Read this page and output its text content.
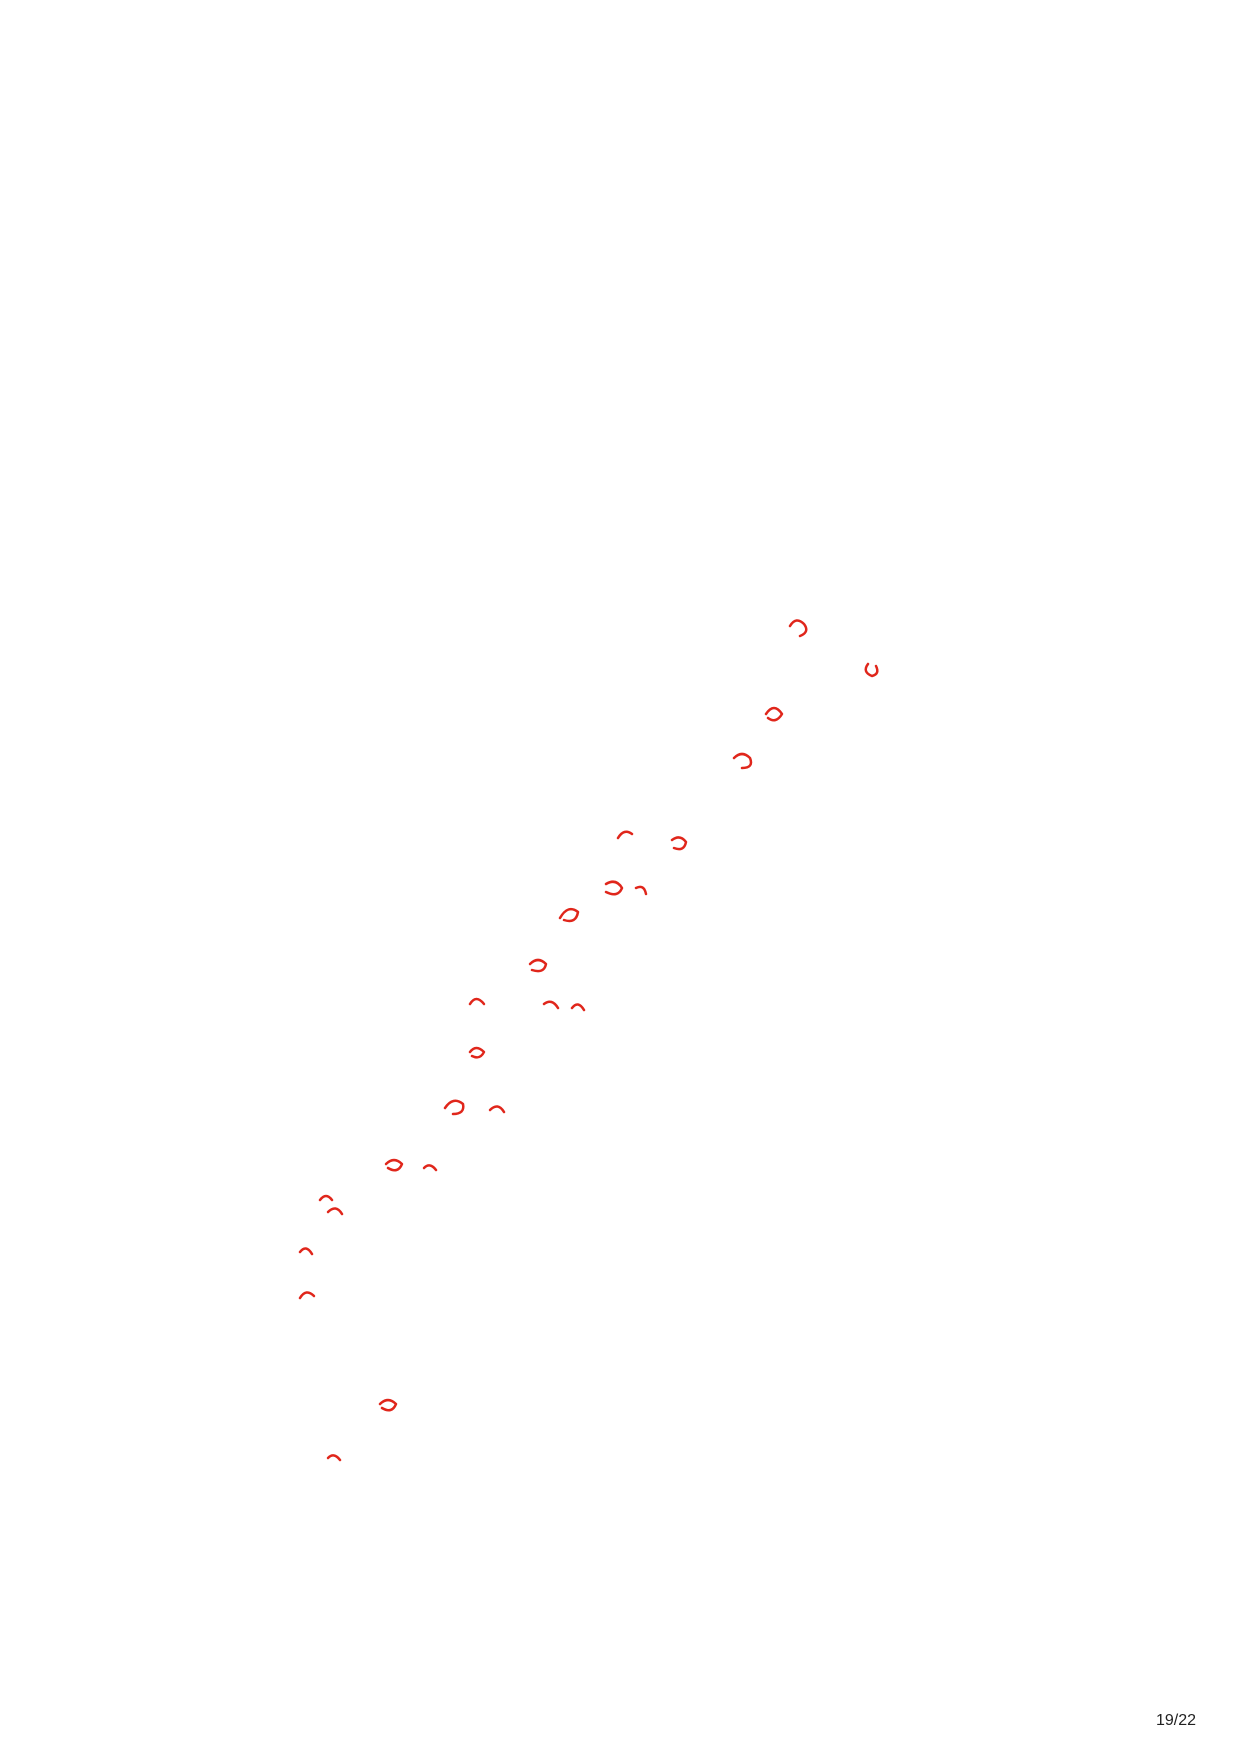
19/22
